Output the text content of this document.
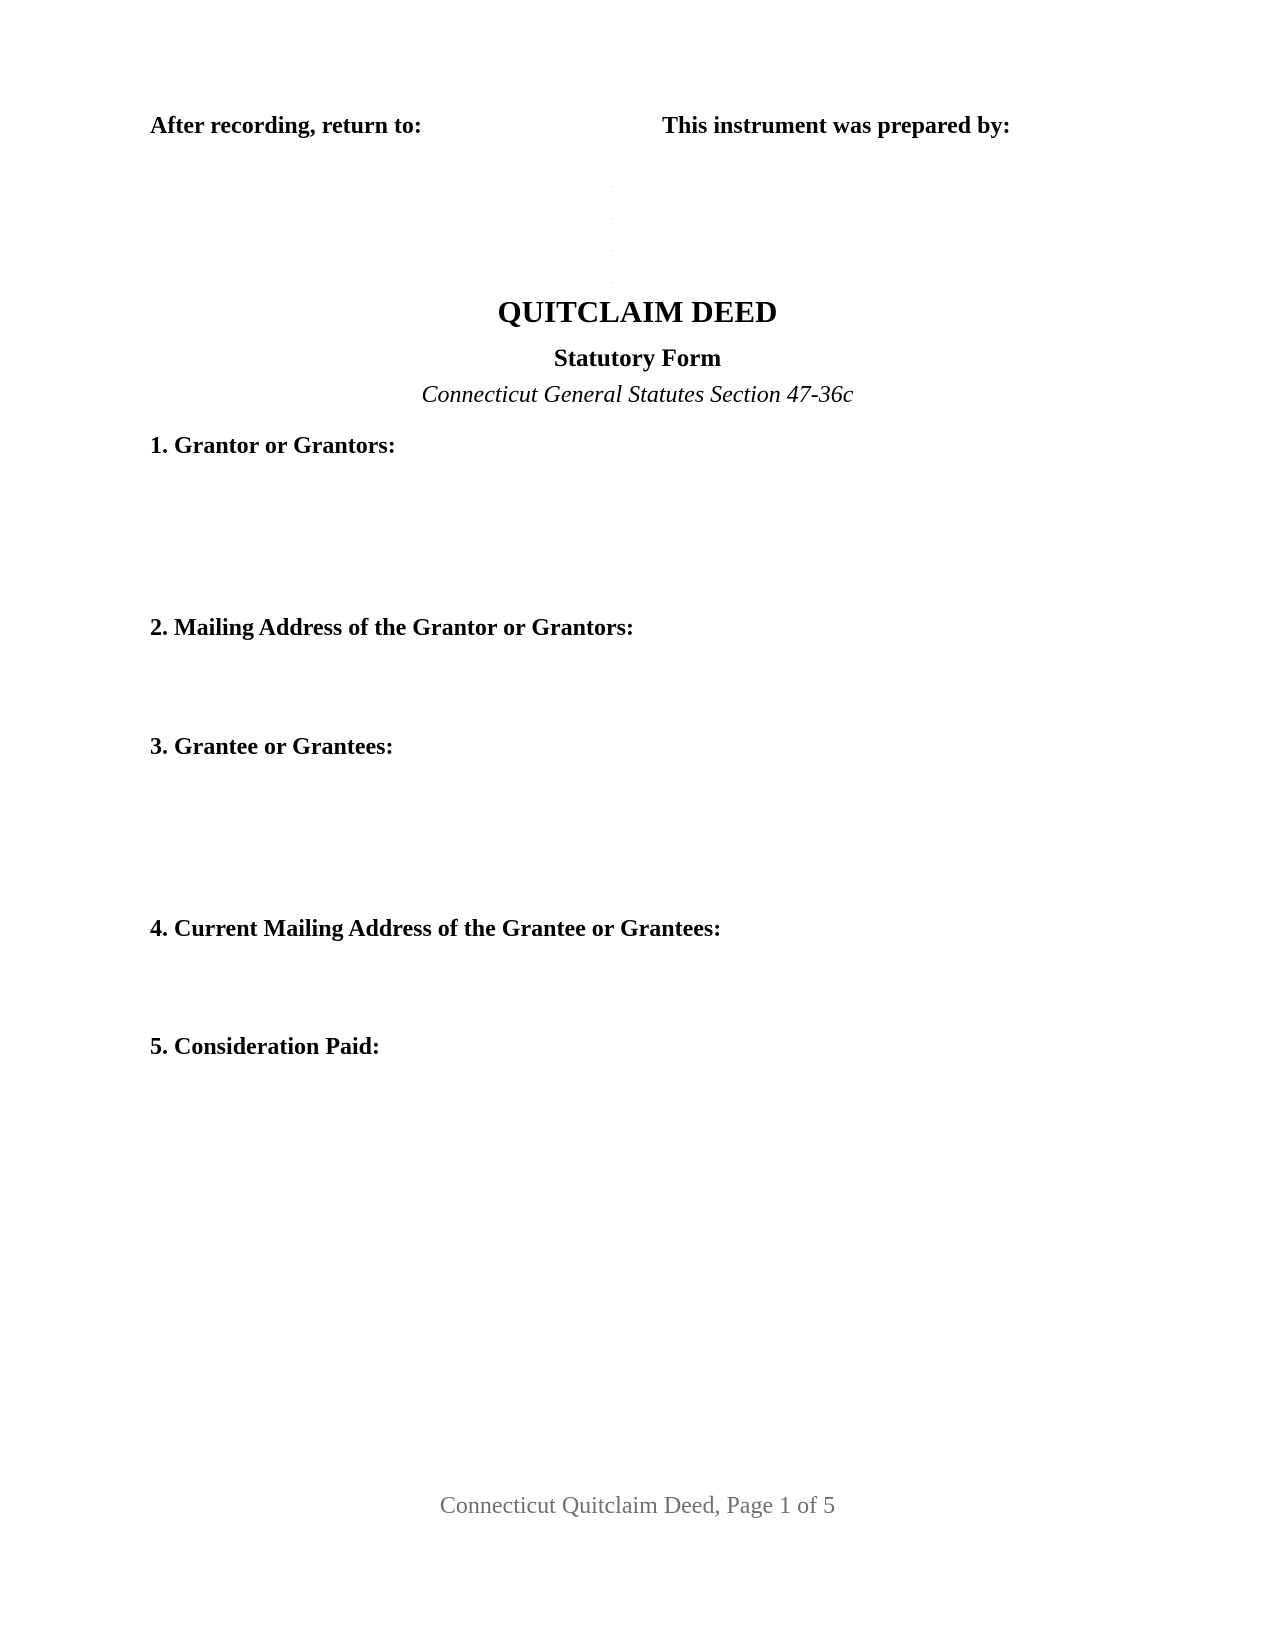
After recording, return to:	This instrument was prepared by:
QUITCLAIM DEED
Statutory Form
Connecticut General Statutes Section 47-36c
1. Grantor or Grantors:
2. Mailing Address of the Grantor or Grantors:
3. Grantee or Grantees:
4. Current Mailing Address of the Grantee or Grantees:
5. Consideration Paid:
Connecticut Quitclaim Deed, Page 1 of 5
